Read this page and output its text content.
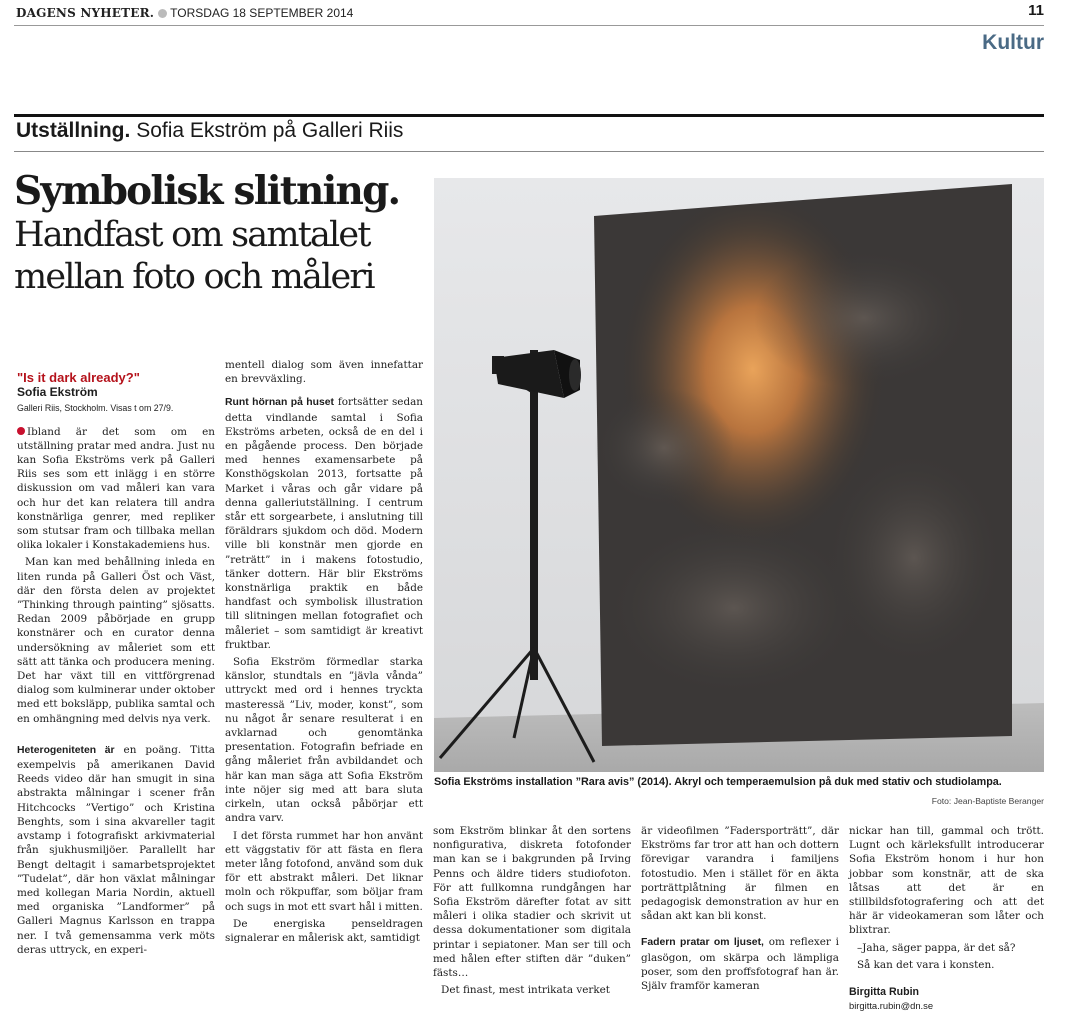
DAGENS NYHETER. TORSDAG 18 SEPTEMBER 2014	11
Kultur
Utställning. Sofia Ekström på Galleri Riis
Symbolisk slitning.
Handfast om samtalet mellan foto och måleri
Sofia Ekströms installation ”Rara avis” (2014). Akryl och temperaemulsion på duk med stativ och studiolampa.
Foto: Jean-Baptiste Beranger
"Is it dark already?"
Sofia Ekström
Galleri Riis, Stockholm. Visas t om 27/9.

Ibland är det som om en utställning pratar med andra. Just nu kan Sofia Ekströms verk på Galleri Riis ses som ett inlägg i en större diskussion om vad måleri kan vara och hur det kan relatera till andra konstnärliga genrer, med repliker som stutsar fram och tillbaka mellan olika lokaler i Konstakademiens hus.

Man kan med behållning inleda en liten runda på Galleri Öst och Väst, där den första delen av projektet ”Thinking through painting” sjösatts. Redan 2009 påbörjade en grupp konstnärer och en curator denna undersökning av måleriet som ett sätt att tänka och producera mening. Det har växt till en vittförgrenad dialog som kulminerar under oktober med ett boksläpp, publika samtal och en omhängning med delvis nya verk.

Heterogeniteten är en poäng. Titta exempelvis på amerikanen David Reeds video där han smugit in sina abstrakta målningar i scener från Hitchcocks ”Vertigo” och Kristina Benghts, som i sina akvareller tagit avstamp i fotografiskt arkivmaterial från sjukhusmiljöer. Parallellt har Bengt deltagit i samarbetsprojektet ”Tudelat”, där hon växlat målningar med kollegan Maria Nordin, aktuell med organiska ”Landformer” på Galleri Magnus Karlsson en trappa ner. I två gemensamma verk möts deras uttryck, en experi-

mentell dialog som även innefattar en brevväxling.

Runt hörnan på huset fortsätter sedan detta vindlande samtal i Sofia Ekströms arbeten, också de en del i en pågående process. Den började med hennes examensarbete på Konsthögskolan 2013, fortsatte på Market i våras och går vidare på denna galleriutställning. I centrum står ett sorgearbete, i anslutning till föräldrars sjukdom och död. Modern ville bli konstnär men gjorde en ”reträtt” in i makens fotostudio, tänker dottern. Här blir Ekströms konstnärliga praktik en både handfast och symbolisk illustration till slitningen mellan fotografiet och måleriet – som samtidigt är kreativt fruktbar.

Sofia Ekström förmedlar starka känslor, stundtals en ”jävla vånda” uttryckt med ord i hennes tryckta masteressä ”Liv, moder, konst”, som nu något år senare resulterat i en avklarnad och genomtänka presentation. Fotografin befriade en gång måleriet från avbildandet och här kan man säga att Sofia Ekström inte nöjer sig med att bara sluta cirkeln, utan också påbörjar ett andra varv.

I det första rummet har hon använt ett väggstativ för att fästa en flera meter lång fotofond, använd som duk för ett abstrakt måleri. Det liknar moln och rökpuffar, som böljar fram och sugs in mot ett svart hål i mitten.

De energiska penseldragen signalerar en målerisk akt, samtidigt

som Ekström blinkar åt den sortens nonfigurativa, diskreta fotofonder man kan se i bakgrunden på Irving Penns och äldre tiders studiofoton. För att fullkomna rundgången har Sofia Ekström därefter fotat av sitt måleri i olika stadier och skrivit ut dessa dokumentationer som digitala printar i sepiatoner. Man ser till och med hålen efter stiften där ”duken” fästs…

Det finast, mest intrikata verket

är videofilmen ”Fadersporträtt”, där Ekströms far tror att han och dottern förevigar varandra i familjens fotostudio. Men i stället för en äkta porträttplåtning är filmen en pedagogisk demonstration av hur en sådan akt kan bli konst.

Fadern pratar om ljuset, om reflexer i glasögon, om skärpa och lämpliga poser, som den proffsfotograf han är. Själv framför kameran

nickar han till, gammal och trött. Lugnt och kärleksfullt introducerar Sofia Ekström honom i hur hon jobbar som konstnär, att de ska låtsas att det är en stillbildsfotografering och att det här är videokameran som låter och blixtrar.

–Jaha, säger pappa, är det så?

Så kan det vara i konsten.

Birgitta Rubin
birgitta.rubin@dn.se
